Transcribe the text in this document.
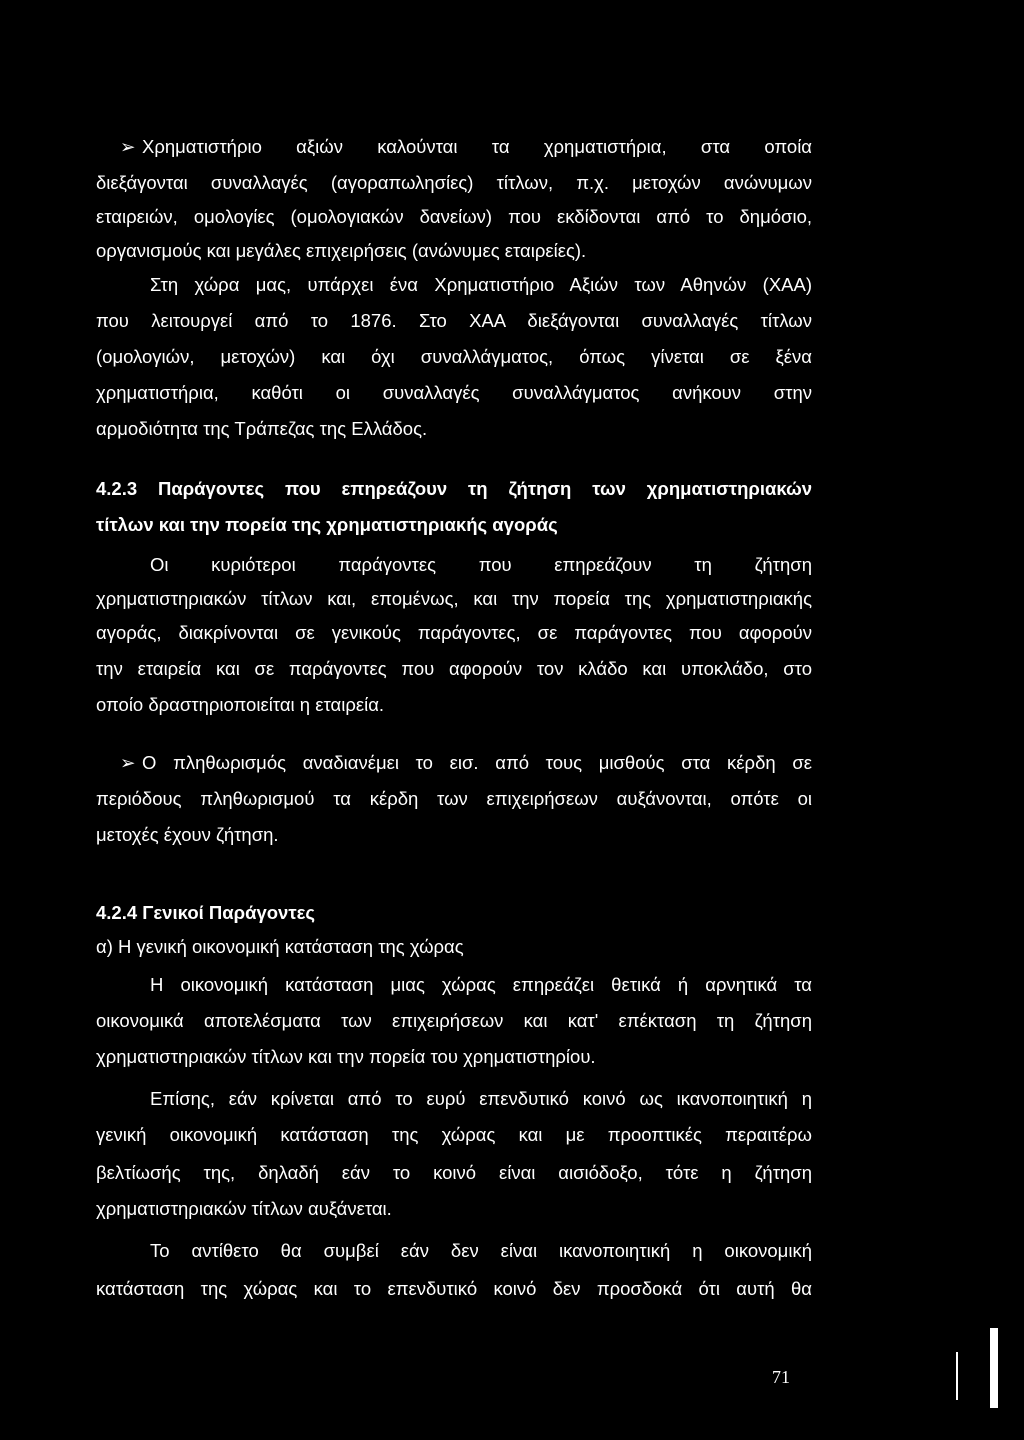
➢ Χρηματιστήριο αξιών καλούνται τα χρηματιστήρια, στα οποία
διεξάγονται συναλλαγές (αγοραπωλησίες) τίτλων, π.χ. μετοχών ανώνυμων
εταιρειών, ομολογίες (ομολογιακών δανείων) που εκδίδονται από το δημόσιο,
οργανισμούς και μεγάλες επιχειρήσεις (ανώνυμες εταιρείες).
Στη χώρα μας, υπάρχει ένα Χρηματιστήριο Αξιών των Αθηνών (ΧΑΑ)
που λειτουργεί από το 1876. Στο ΧΑΑ διεξάγονται συναλλαγές τίτλων
(ομολογιών, μετοχών) και όχι συναλλάγματος, όπως γίνεται σε ξένα
χρηματιστήρια, καθότι οι συναλλαγές συναλλάγματος ανήκουν στην
αρμοδιότητα της Τράπεζας της Ελλάδος.
4.2.3 Παράγοντες που επηρεάζουν τη ζήτηση των χρηματιστηριακών
τίτλων και την πορεία της χρηματιστηριακής αγοράς
Οι κυριότεροι παράγοντες που επηρεάζουν τη ζήτηση
χρηματιστηριακών τίτλων και, επομένως, και την πορεία της χρηματιστηριακής
αγοράς, διακρίνονται σε γενικούς παράγοντες, σε παράγοντες που αφορούν
την εταιρεία και σε παράγοντες που αφορούν τον κλάδο και υποκλάδο, στο
οποίο δραστηριοποιείται η εταιρεία.
➢ Ο πληθωρισμός αναδιανέμει το εισ. από τους μισθούς στα κέρδη σε
περιόδους πληθωρισμού τα κέρδη των επιχειρήσεων αυξάνονται, οπότε οι
μετοχές έχουν ζήτηση.
4.2.4 Γενικοί Παράγοντες
α) Η γενική οικονομική κατάσταση της χώρας
Η οικονομική κατάσταση μιας χώρας επηρεάζει θετικά ή αρνητικά τα
οικονομικά αποτελέσματα των επιχειρήσεων και κατ' επέκταση τη ζήτηση
χρηματιστηριακών τίτλων και την πορεία του χρηματιστηρίου.
Επίσης, εάν κρίνεται από το ευρύ επενδυτικό κοινό ως ικανοποιητική η
γενική οικονομική κατάσταση της χώρας και με προοπτικές περαιτέρω
βελτίωσής της, δηλαδή εάν το κοινό είναι αισιόδοξο, τότε η ζήτηση
χρηματιστηριακών τίτλων αυξάνεται.
Το αντίθετο θα συμβεί εάν δεν είναι ικανοποιητική η οικονομική
κατάσταση της χώρας και το επενδυτικό κοινό δεν προσδοκά ότι αυτή θα
71
